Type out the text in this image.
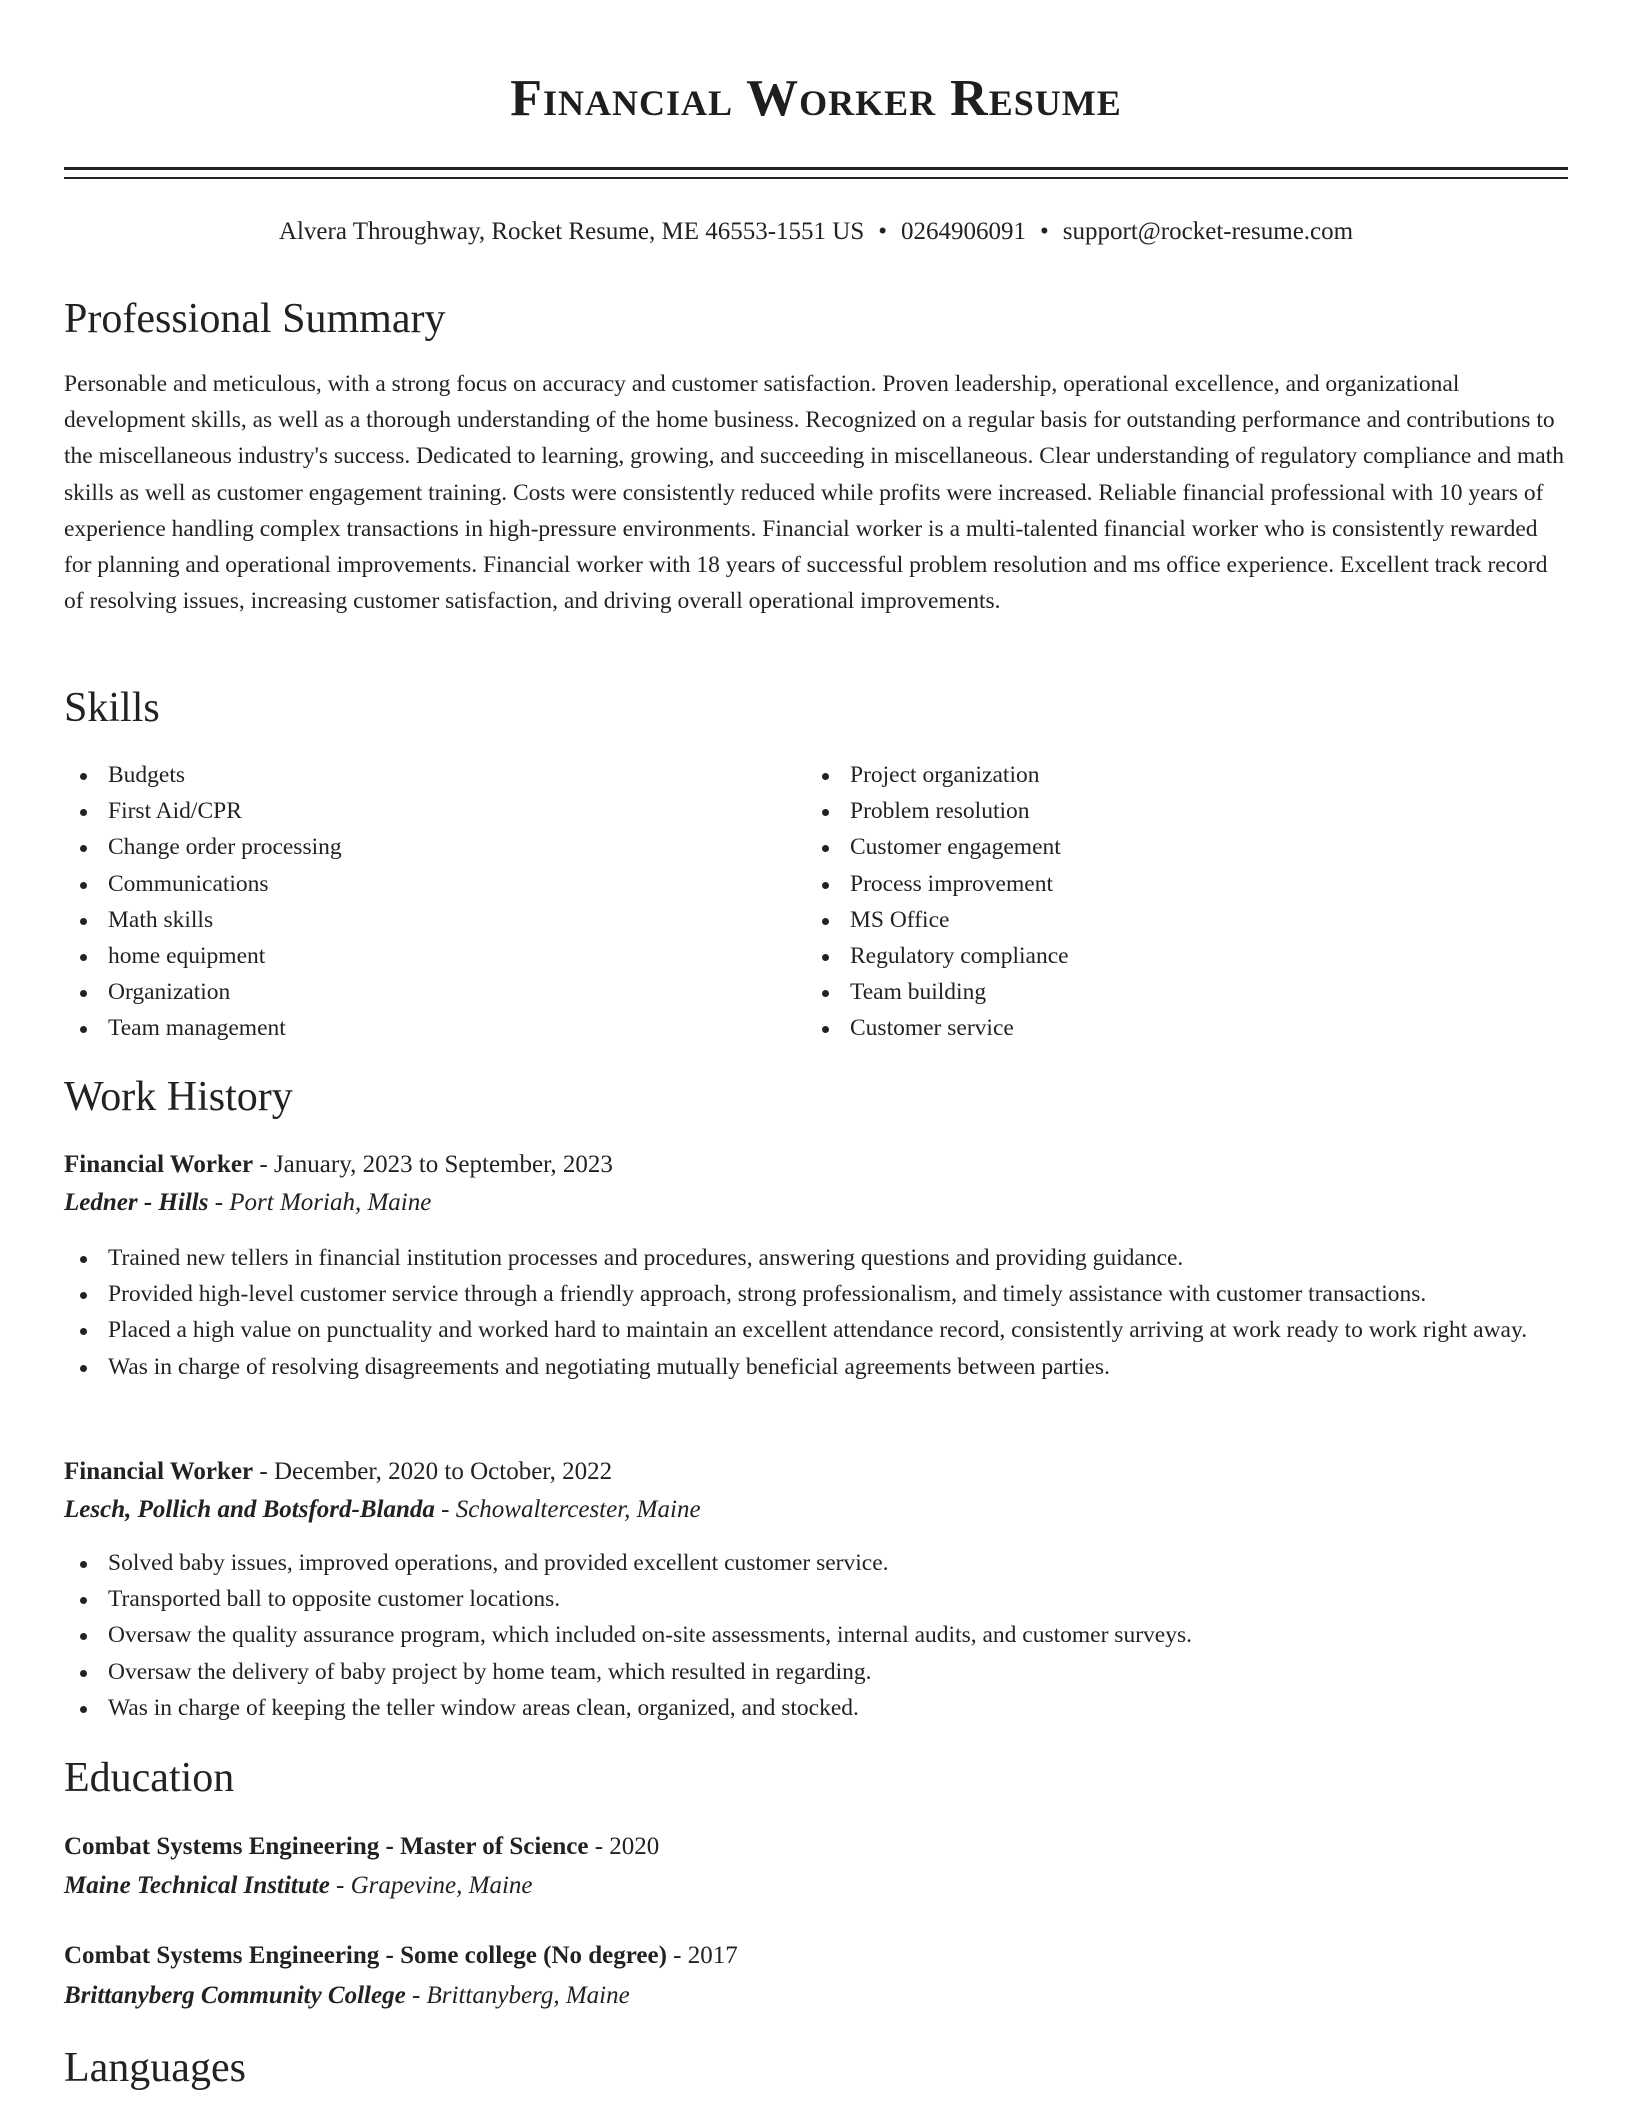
Financial Worker Resume
Alvera Throughway, Rocket Resume, ME 46553-1551 US • 0264906091 • support@rocket-resume.com
Professional Summary

Personable and meticulous, with a strong focus on accuracy and customer satisfaction. Proven leadership, operational excellence, and organizational development skills, as well as a thorough understanding of the home business. Recognized on a regular basis for outstanding performance and contributions to the miscellaneous industry's success. Dedicated to learning, growing, and succeeding in miscellaneous. Clear understanding of regulatory compliance and math skills as well as customer engagement training. Costs were consistently reduced while profits were increased. Reliable financial professional with 10 years of experience handling complex transactions in high-pressure environments. Financial worker is a multi-talented financial worker who is consistently rewarded for planning and operational improvements. Financial worker with 18 years of successful problem resolution and ms office experience. Excellent track record of resolving issues, increasing customer satisfaction, and driving overall operational improvements.

Skills
Budgets
First Aid/CPR
Change order processing
Communications
Math skills
home equipment
Organization
Team management
Project organization
Problem resolution
Customer engagement
Process improvement
MS Office
Regulatory compliance
Team building
Customer service
Work History
Financial Worker - January, 2023 to September, 2023
Ledner - Hills - Port Moriah, Maine
Trained new tellers in financial institution processes and procedures, answering questions and providing guidance.
Provided high-level customer service through a friendly approach, strong professionalism, and timely assistance with customer transactions.
Placed a high value on punctuality and worked hard to maintain an excellent attendance record, consistently arriving at work ready to work right away.
Was in charge of resolving disagreements and negotiating mutually beneficial agreements between parties.
Financial Worker - December, 2020 to October, 2022
Lesch, Pollich and Botsford-Blanda - Schowaltercester, Maine
Solved baby issues, improved operations, and provided excellent customer service.
Transported ball to opposite customer locations.
Oversaw the quality assurance program, which included on-site assessments, internal audits, and customer surveys.
Oversaw the delivery of baby project by home team, which resulted in regarding.
Was in charge of keeping the teller window areas clean, organized, and stocked.
Education
Combat Systems Engineering - Master of Science - 2020
Maine Technical Institute - Grapevine, Maine
Combat Systems Engineering - Some college (No degree) - 2017
Brittanyberg Community College - Brittanyberg, Maine
Languages
